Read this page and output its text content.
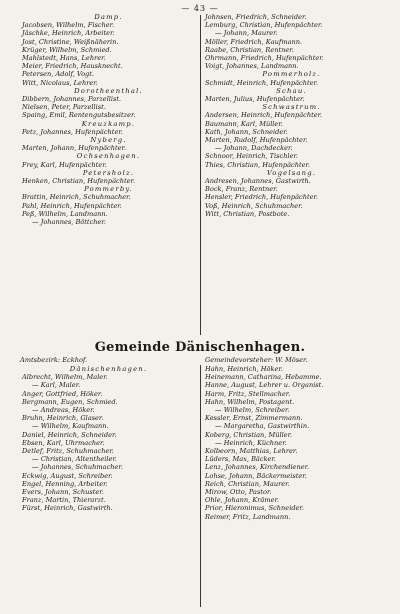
— 43 —
Damp.
Jacobsen, Wilhelm, Fischer.
Jäschke, Heinrich, Arbeiter.
Jost, Christine, Weißnäherin.
Krüger, Wilhelm, Schmied.
Mahlstedt, Hans, Lehrer.
Meier, Friedrich, Hausknecht.
Petersen, Adolf, Vogt.
Witt, Nicolaus, Lehrer.
Dorotheenthal.
Dibbern, Johannes, Parzellist.
Nielsen, Peter, Parzellist.
Spaing, Emil, Rentengutsbesitzer.
Kreuzkamp.
Petz, Johannes, Hufenpächter.
Nyberg.
Marten, Johann, Hufenpächter.
Ochsenhagen.
Frey, Karl, Hufenpächter.
Petersholz.
Henken, Christian, Hufenpächter.
Pommerby.
Brattin, Heinrich, Schuhmacher.
Pahl, Heinrich, Hufenpächter.
Peß, Wilhelm, Landmann.
— Johannes, Böttcher.
Johnsen, Friedrich, Schneider.
Lemburg, Christian, Hufenpächter.
— Johann, Maurer.
Möller, Friedrich, Kaufmann.
Raabe, Christian, Rentner.
Ohrmann, Friedrich, Hufenpächter.
Voigt, Johannes, Landmann.
Pommerholz.
Schmidt, Heinrich, Hufenpächter.
Schau.
Marten, Julius, Hufenpächter.
Schwastrum.
Andersen, Heinrich, Hufenpächter.
Baumann, Karl, Müller.
Kath, Johann, Schneider.
Marten, Rudolf, Hufenpächter.
— Johann, Dachdecker.
Schnoor, Heinrich, Tischler.
Thies, Christian, Hufenpächter.
Vogelsang.
Andresen, Johannes, Gastwirth.
Bock, Franz, Rentner.
Hensler, Friedrich, Hufenpächter.
Voß, Heinrich, Schuhmacher.
Witt, Christian, Postbote.
Gemeinde Dänischenhagen.
Amtsbezirk: Eckhof.	Gemeindevorsteher: W. Möser.
Dänischenhagen.
Albrecht, Wilhelm, Maler.
— Karl, Maler.
Anger, Gottfried, Höker.
Bergmann, Eugen, Schmied.
— Andreas, Höker.
Bruhn, Heinrich, Glaser.
— Wilhelm, Kaufmann.
Daniel, Heinrich, Schneider.
Ebsen, Karl, Uhrmacher.
Detlef, Fritz, Schuhmacher.
— Christian, Altentheiler.
— Johannes, Schuhmacher.
Eckwig, August, Schreiber.
Engel, Henning, Arbeiter.
Evers, Johann, Schuster.
Franz, Martin, Thierarzt.
Fürst, Heinrich, Gastwirth.
Hahn, Heinrich, Höker.
Heinemann, Catharina, Hebamme.
Hanne, August, Lehrer u. Organist.
Harm, Fritz, Stellmacher.
Hahn, Wilhelm, Postagent.
— Wilhelm, Schreiber.
Kessler, Ernst, Zimmermann.
— Margaretha, Gastwirthin.
Koberg, Christian, Müller.
— Heinrich, Küchner.
Kolbeorn, Matthias, Lehrer.
Lüders, Max, Bäcker.
Lenz, Johannes, Kirchendiener.
Lohse, Johann, Bäckermeister.
Reich, Christian, Maurer.
Mirow, Otto, Pastor.
Ohle, Johann, Krämer.
Prior, Hieronimus, Schneider.
Reimer, Fritz, Landmann.
